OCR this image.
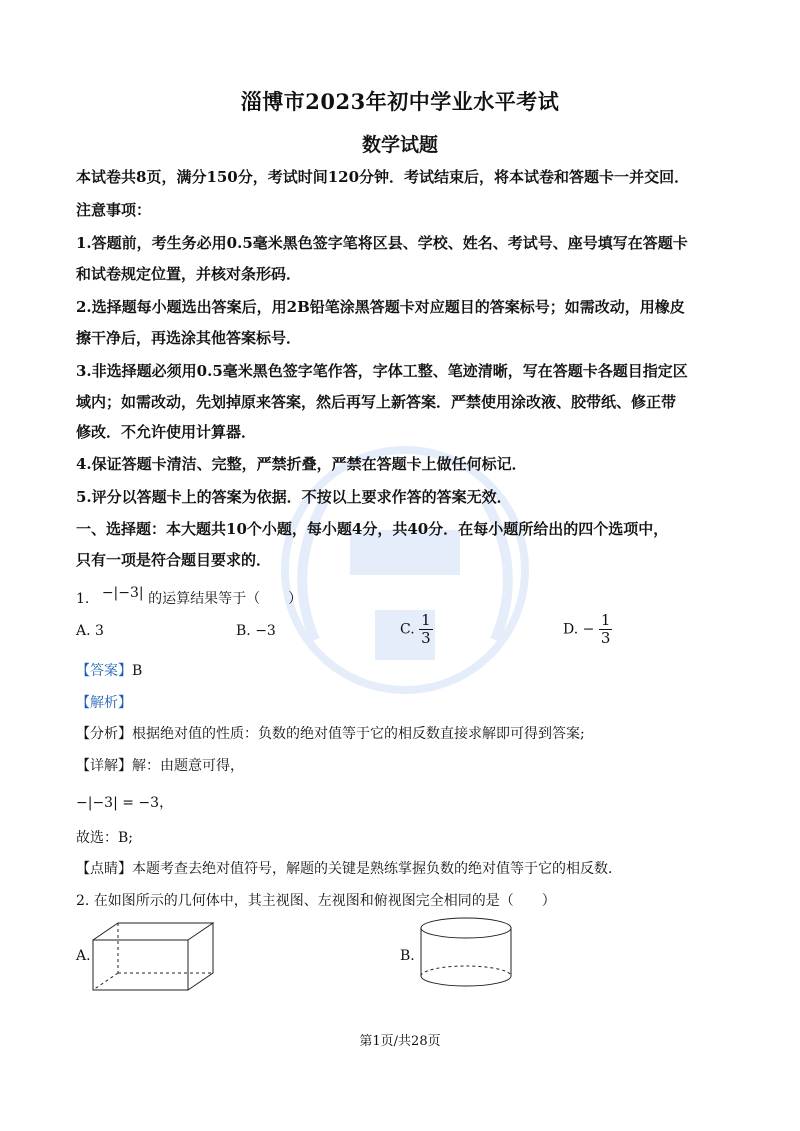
淄博市2023年初中学业水平考试
数学试题
本试卷共8页，满分150分，考试时间120分钟．考试结束后，将本试卷和答题卡一并交回．
注意事项：
1.答题前，考生务必用0.5毫米黑色签字笔将区县、学校、姓名、考试号、座号填写在答题卡
和试卷规定位置，并核对条形码．
2.选择题每小题选出答案后，用2B铅笔涂黑答题卡对应题目的答案标号；如需改动，用橡皮
擦干净后，再选涂其他答案标号．
3.非选择题必须用0.5毫米黑色签字笔作答，字体工整、笔迹清晰，写在答题卡各题目指定区
域内；如需改动，先划掉原来答案，然后再写上新答案．严禁使用涂改液、胶带纸、修正带
修改．不允许使用计算器．
4.保证答题卡清洁、完整，严禁折叠，严禁在答题卡上做任何标记．
5.评分以答题卡上的答案为依据．不按以上要求作答的答案无效．
一、选择题：本大题共10个小题，每小题4分，共40分．在每小题所给出的四个选项中，
只有一项是符合题目要求的．
1. −|−3| 的运算结果等于（　　）
A. 3	B. −3	C. $\frac{1}{3}$	D. − $\frac{1}{3}$
【答案】B
【解析】
【分析】根据绝对值的性质：负数的绝对值等于它的相反数直接求解即可得到答案;
【详解】解：由题意可得，
−|−3| = −3，
故选：B;
【点睛】本题考查去绝对值符号，解题的关键是熟练掌握负数的绝对值等于它的相反数．
2. 在如图所示的几何体中，其主视图、左视图和俯视图完全相同的是（　　）
A.	B.
第1页/共28页
